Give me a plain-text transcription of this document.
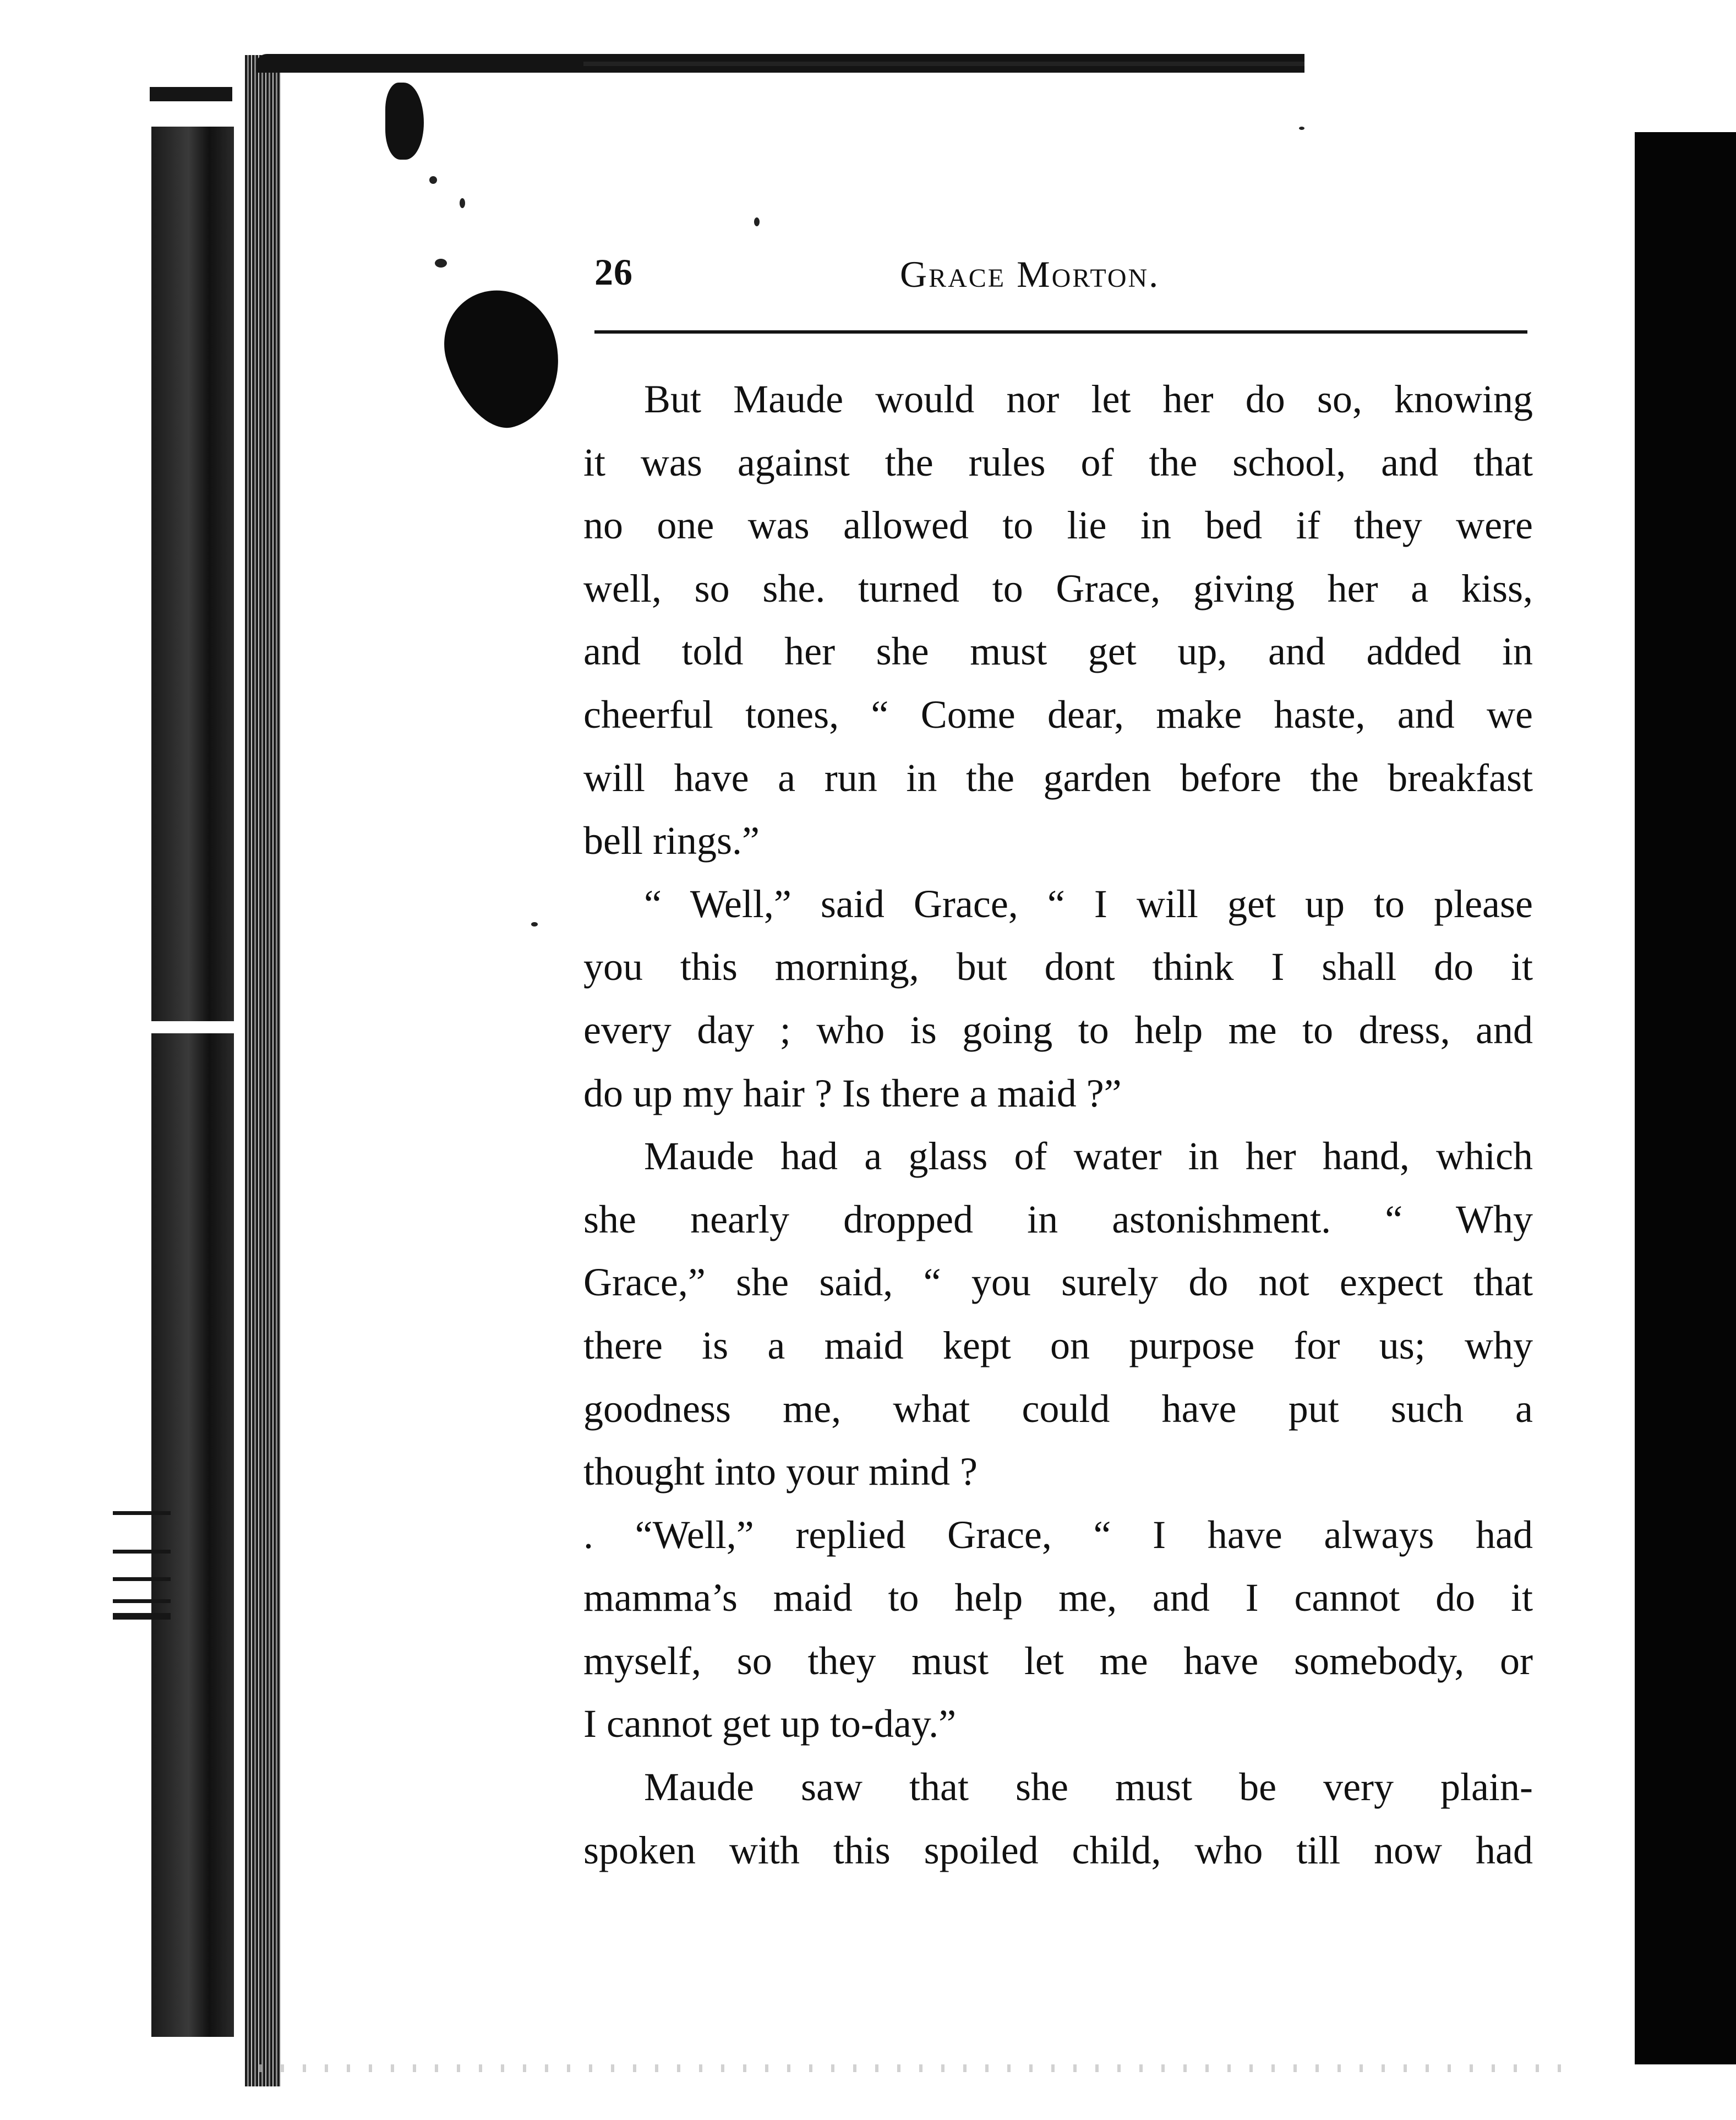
26	Grace Morton.
But Maude would nor let her do so, knowing
it was against the rules of the school, and that
no one was allowed to lie in bed if they were
well, so she. turned to Grace, giving her a kiss,
and told her she must get up, and added in
cheerful tones, “ Come dear, make haste, and we
will have a run in the garden before the breakfast
bell rings.”
“ Well,” said Grace, “ I will get up to please
you this morning, but dont think I shall do it
every day ; who is going to help me to dress, and
do up my hair ? Is there a maid ?”
Maude had a glass of water in her hand, which
she nearly dropped in astonishment. “ Why
Grace,” she said, “ you surely do not expect that
there is a maid kept on purpose for us; why
goodness me, what could have put such a
thought into your mind ?
. “Well,” replied Grace, “ I have always had
mamma’s maid to help me, and I cannot do it
myself, so they must let me have somebody, or
I cannot get up to-day.”
Maude saw that she must be very plain-
spoken with this spoiled child, who till now had
